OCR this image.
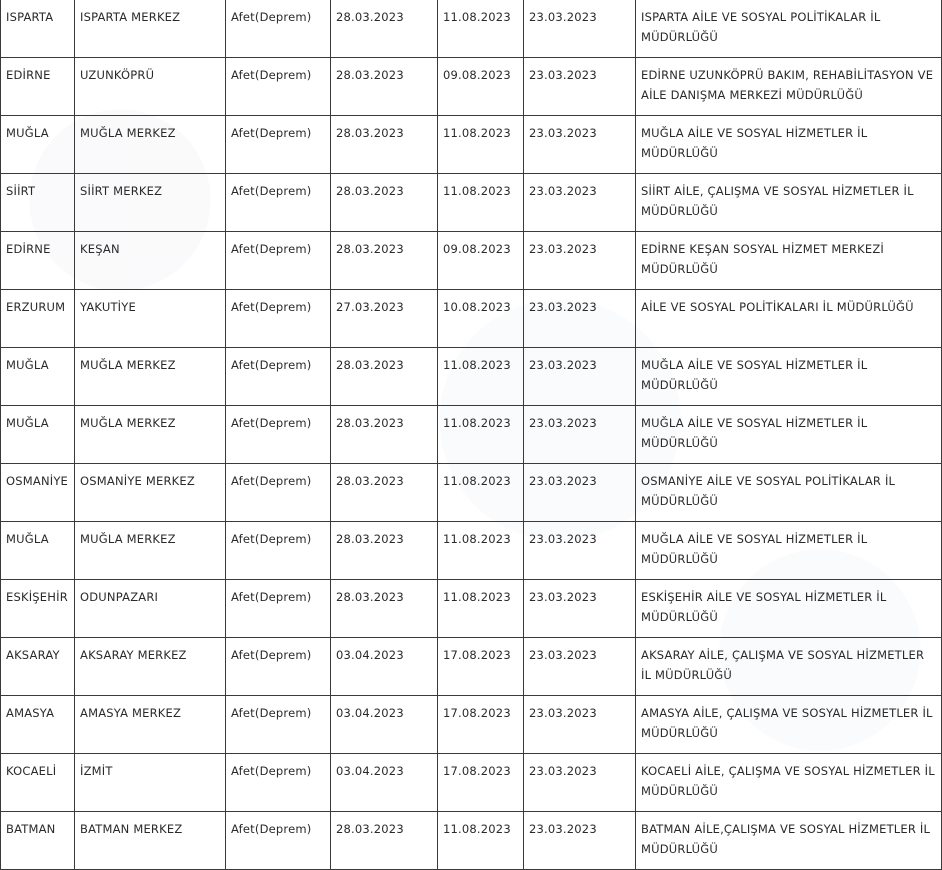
ISPARTA	ISPARTA MERKEZ	Afet(Deprem)	28.03.2023	11.08.2023	23.03.2023	ISPARTA AİLE VE SOSYAL POLİTİKALAR İL MÜDÜRLÜĞÜ
EDİRNE	UZUNKÖPRÜ	Afet(Deprem)	28.03.2023	09.08.2023	23.03.2023	EDİRNE UZUNKÖPRÜ BAKIM, REHABİLİTASYON VE AİLE DANIŞMA MERKEZİ MÜDÜRLÜĞÜ
MUĞLA	MUĞLA MERKEZ	Afet(Deprem)	28.03.2023	11.08.2023	23.03.2023	MUĞLA AİLE VE SOSYAL HİZMETLER İL MÜDÜRLÜĞÜ
SİİRT	SİİRT MERKEZ	Afet(Deprem)	28.03.2023	11.08.2023	23.03.2023	SİİRT AİLE, ÇALIŞMA VE SOSYAL HİZMETLER İL MÜDÜRLÜĞÜ
EDİRNE	KEŞAN	Afet(Deprem)	28.03.2023	09.08.2023	23.03.2023	EDİRNE KEŞAN SOSYAL HİZMET MERKEZİ MÜDÜRLÜĞÜ
ERZURUM	YAKUTİYE	Afet(Deprem)	27.03.2023	10.08.2023	23.03.2023	AİLE VE SOSYAL POLİTİKALARI İL MÜDÜRLÜĞÜ
MUĞLA	MUĞLA MERKEZ	Afet(Deprem)	28.03.2023	11.08.2023	23.03.2023	MUĞLA AİLE VE SOSYAL HİZMETLER İL MÜDÜRLÜĞÜ
MUĞLA	MUĞLA MERKEZ	Afet(Deprem)	28.03.2023	11.08.2023	23.03.2023	MUĞLA AİLE VE SOSYAL HİZMETLER İL MÜDÜRLÜĞÜ
OSMANİYE	OSMANİYE MERKEZ	Afet(Deprem)	28.03.2023	11.08.2023	23.03.2023	OSMANİYE AİLE VE SOSYAL POLİTİKALAR İL MÜDÜRLÜĞÜ
MUĞLA	MUĞLA MERKEZ	Afet(Deprem)	28.03.2023	11.08.2023	23.03.2023	MUĞLA AİLE VE SOSYAL HİZMETLER İL MÜDÜRLÜĞÜ
ESKİŞEHİR	ODUNPAZARI	Afet(Deprem)	28.03.2023	11.08.2023	23.03.2023	ESKİŞEHİR AİLE VE SOSYAL HİZMETLER İL MÜDÜRLÜĞÜ
AKSARAY	AKSARAY MERKEZ	Afet(Deprem)	03.04.2023	17.08.2023	23.03.2023	AKSARAY AİLE, ÇALIŞMA VE SOSYAL HİZMETLER İL MÜDÜRLÜĞÜ
AMASYA	AMASYA MERKEZ	Afet(Deprem)	03.04.2023	17.08.2023	23.03.2023	AMASYA AİLE, ÇALIŞMA VE SOSYAL HİZMETLER İL MÜDÜRLÜĞÜ
KOCAELİ	İZMİT	Afet(Deprem)	03.04.2023	17.08.2023	23.03.2023	KOCAELİ AİLE, ÇALIŞMA VE SOSYAL HİZMETLER İL MÜDÜRLÜĞÜ
BATMAN	BATMAN MERKEZ	Afet(Deprem)	28.03.2023	11.08.2023	23.03.2023	BATMAN AİLE,ÇALIŞMA VE SOSYAL HİZMETLER İL MÜDÜRLÜĞÜ
